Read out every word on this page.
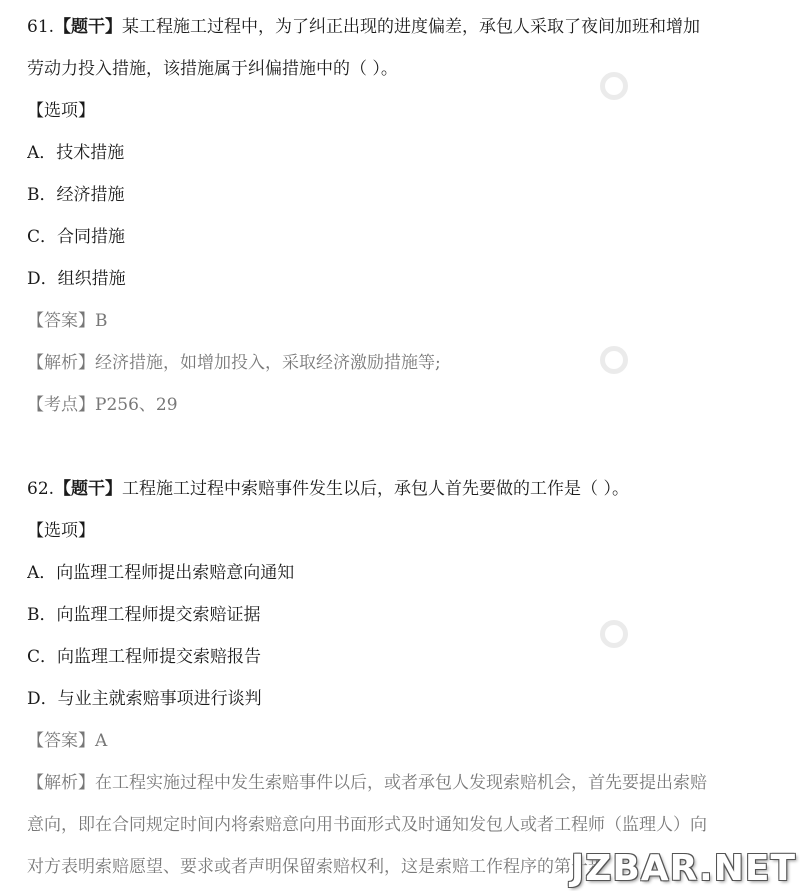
61.【题干】某工程施工过程中，为了纠正出现的进度偏差，承包人采取了夜间加班和增加
劳动力投入措施，该措施属于纠偏措施中的（ ）。
【选项】
A．技术措施
B．经济措施
C．合同措施
D．组织措施
【答案】B
【解析】经济措施，如增加投入，采取经济激励措施等;
【考点】P256、29
62.【题干】工程施工过程中索赔事件发生以后，承包人首先要做的工作是（ ）。
【选项】
A．向监理工程师提出索赔意向通知
B．向监理工程师提交索赔证据
C．向监理工程师提交索赔报告
D．与业主就索赔事项进行谈判
【答案】A
【解析】在工程实施过程中发生索赔事件以后，或者承包人发现索赔机会，首先要提出索赔
意向，即在合同规定时间内将索赔意向用书面形式及时通知发包人或者工程师（监理人）向
对方表明索赔愿望、要求或者声明保留索赔权利，这是索赔工作程序的第一步
JZBAR.NET
